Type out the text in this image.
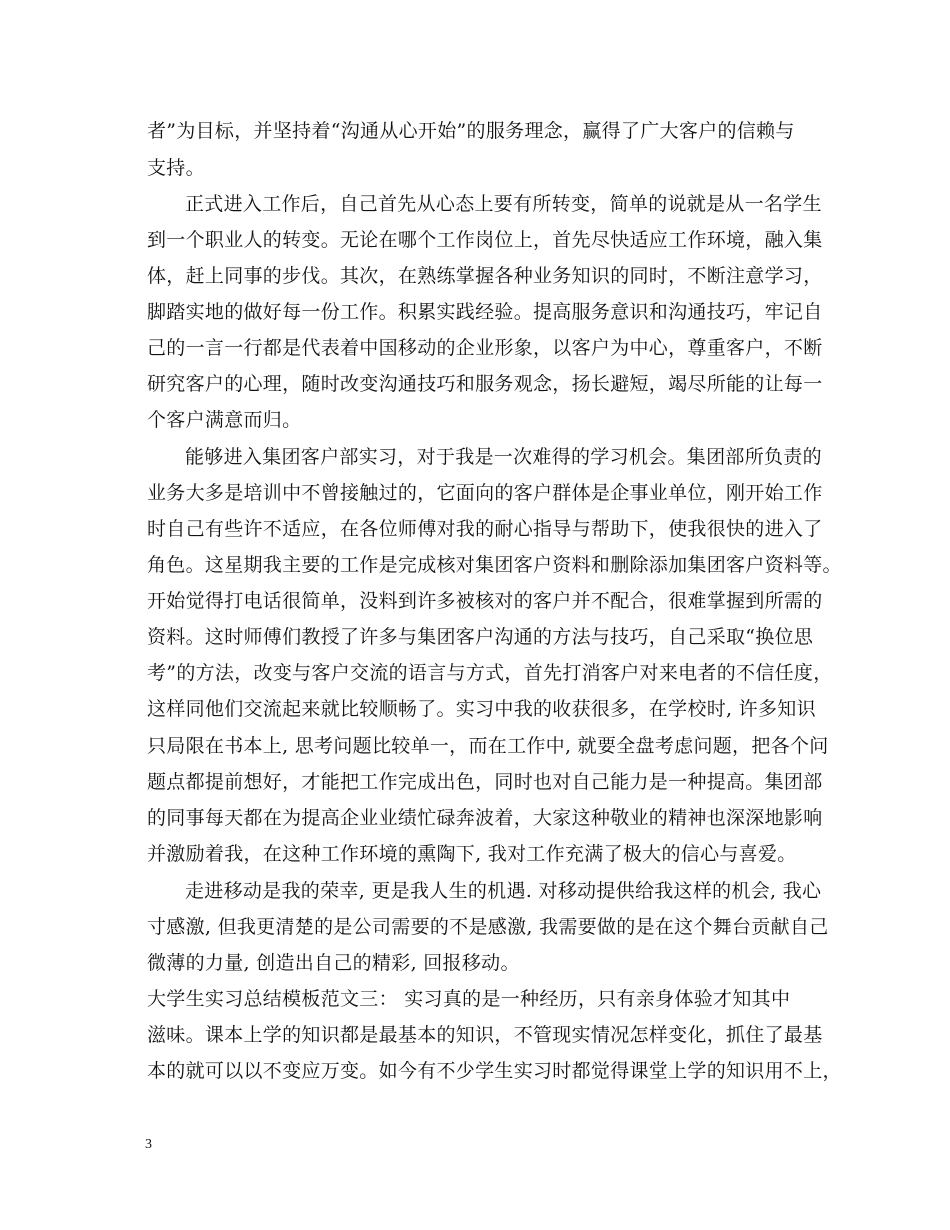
者”为目标，并坚持着“沟通从心开始”的服务理念，赢得了广大客户的信赖与
支持。
正式进入工作后，自己首先从心态上要有所转变，简单的说就是从一名学生
到一个职业人的转变。无论在哪个工作岗位上，首先尽快适应工作环境，融入集
体，赶上同事的步伐。其次，在熟练掌握各种业务知识的同时，不断注意学习，
脚踏实地的做好每一份工作。积累实践经验。提高服务意识和沟通技巧，牢记自
己的一言一行都是代表着中国移动的企业形象，以客户为中心，尊重客户，不断
研究客户的心理，随时改变沟通技巧和服务观念，扬长避短，竭尽所能的让每一
个客户满意而归。
能够进入集团客户部实习，对于我是一次难得的学习机会。集团部所负责的
业务大多是培训中不曾接触过的，它面向的客户群体是企事业单位，刚开始工作
时自己有些许不适应，在各位师傅对我的耐心指导与帮助下，使我很快的进入了
角色。这星期我主要的工作是完成核对集团客户资料和删除添加集团客户资料等。
开始觉得打电话很简单，没料到许多被核对的客户并不配合，很难掌握到所需的
资料。这时师傅们教授了许多与集团客户沟通的方法与技巧，自己采取“换位思
考”的方法，改变与客户交流的语言与方式，首先打消客户对来电者的不信任度，
这样同他们交流起来就比较顺畅了。实习中我的收获很多，在学校时, 许多知识
只局限在书本上, 思考问题比较单一，而在工作中, 就要全盘考虑问题，把各个问
题点都提前想好，才能把工作完成出色，同时也对自己能力是一种提高。集团部
的同事每天都在为提高企业业绩忙碌奔波着，大家这种敬业的精神也深深地影响
并激励着我，在这种工作环境的熏陶下, 我对工作充满了极大的信心与喜爱。
走进移动是我的荣幸, 更是我人生的机遇. 对移动提供给我这样的机会, 我心
寸感激, 但我更清楚的是公司需要的不是感激, 我需要做的是在这个舞台贡献自己
微薄的力量, 创造出自己的精彩, 回报移动。
大学生实习总结模板范文三： 实习真的是一种经历，只有亲身体验才知其中
滋味。课本上学的知识都是最基本的知识，不管现实情况怎样变化，抓住了最基
本的就可以以不变应万变。如今有不少学生实习时都觉得课堂上学的知识用不上，
3
